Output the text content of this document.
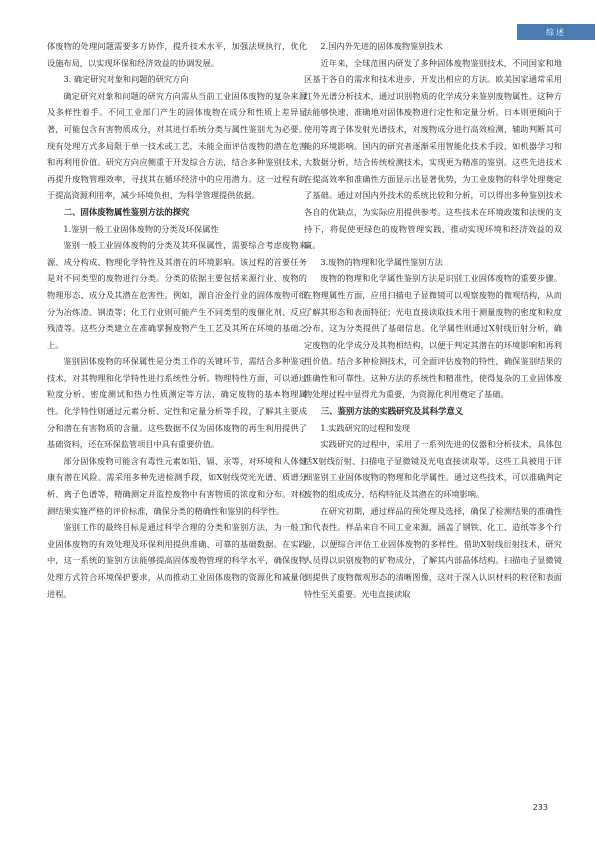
综述

体废物的处理问题需要多方协作，提升技术水平，加强法规执行，优化设施布局，以实现环保和经济效益的协调发展。

3. 确定研究对象和问题的研究方向

确定研究对象和问题的研究方向需从当前工业固体废物的复杂来源及多样性着手。不同工业部门产生的固体废物在成分和性质上差异显著，可能包含有害物质成分，对其进行系统分类与属性鉴别尤为必要。现有处理方式多局限于单一技术或工艺，未能全面评估废物的潜在危害和再利用价值。研究方向应侧重于开发综合方法，结合多种鉴别技术，再提升废物管理效率，寻找其在循环经济中的应用潜力。这一过程有助于提高资源利用率，减少环境负担，为科学管理提供依据。

二、固体废物属性鉴别方法的探究

1.鉴别一般工业固体废物的分类及环保属性

鉴别一般工业固体废物的分类及其环保属性，需要综合考虑废物来源、成分构成、物理化学特性及其潜在的环境影响。该过程的首要任务是对不同类型的废物进行分类。分类的依据主要包括来源行业、废物的物理形态、成分及其潜在危害性。例如，源自冶金行业的固体废物可细分为冶炼渣、钢渣等；化工行业则可能产生不同类型的废催化剂、反应残渣等。这些分类建立在准确掌握废物产生工艺及其所在环境的基础之上。

鉴别固体废物的环保属性是分类工作的关键环节，需结合多种鉴定技术，对其物理和化学特性进行系统性分析。物理特性方面，可以通过粒度分析、密度测试和热力性质测定等方法，确定废物的基本物理属性。化学特性则通过元素分析、定性和定量分析等手段，了解其主要成分和潜在有害物质的含量。这些数据不仅为固体废物的再生利用提供了基础资料，还在环保监管项目中具有重要价值。

部分固体废物可能含有毒性元素如铅、镉、汞等，对环境和人体健康有潜在风险。需采用多种先进检测手段，如X射线荧光光谱、质谱分析、离子色谱等，精确测定并监控废物中有害物质的浓度和分布。对检测结果实施严格的评价标准，确保分类的精确性和鉴别的科学性。

鉴别工作的最终目标是通过科学合理的分类和鉴别方法，为一般工业固体废物的有效处理及环保利用提供准确、可靠的基础数据。在实践中，这一系统的鉴别方法能够提高固体废物管理的科学水平，确保废物处理方式符合环境保护要求，从而推动工业固体废物的资源化和减量化进程。

2.国内外先进的固体废物鉴别技术

近年来，全球范围内研发了多种固体废物鉴别技术，不同国家和地区基于各自的需求和技术进步，开发出相应的方法。欧美国家通常采用红外光谱分析技术，通过识别物质的化学成分来鉴别废物属性。这种方法能够快速、准确地对固体废物进行定性和定量分析。日本则更倾向于使用等离子体发射光谱技术，对废物成分进行高效检测，辅助判断其可能的环境影响。国内的研究者逐渐采用智能化技术手段，如机器学习和大数据分析，结合传统检测技术，实现更为精准的鉴别。这些先进技术在提高效率和准确性方面显示出显著优势，为工业废物的科学处理奠定了基础。通过对国内外技术的系统比较和分析，可以得出多种鉴别技术各自的优缺点，为实际应用提供参考。这些技术在环境政策和法规的支持下，将促使更绿色的废物管理实践，推动实现环境和经济效益的双赢。

3.废物的物理和化学属性鉴别方法

废物的物理和化学属性鉴别方法是识别工业固体废物的重要步骤。在物理属性方面，应用扫描电子显微镜可以观察废物的微观结构，从而了解其形态和表面特征；光电直接读取技术用于测量废物的密度和粒度分布，这为分类提供了基础信息。化学属性则通过X射线衍射分析，确定废物的化学成分及其物相结构，以便于判定其潜在的环境影响和再利用价值。结合多种检测技术，可全面评估废物的特性，确保鉴别结果的准确性和可靠性。这种方法的系统性和精准性，使得复杂的工业固体废物处理过程中显得尤为重要，为资源化利用奠定了基础。

三、鉴别方法的实践研究及其科学意义

1.实践研究的过程和发现

实践研究的过程中，采用了一系列先进的仪器和分析技术，具体包括X射线衍射、扫描电子显微镜及光电直接读取等。这些工具被用于详细鉴别工业固体废物的物理和化学属性。通过这些技术，可以准确判定废物的组成成分、结构特征及其潜在的环境影响。

在研究初期，通过样品的预处理及选择，确保了检测结果的准确性和代表性。样品来自不同工业来源，涵盖了钢铁、化工、造纸等多个行业，以便综合评估工业固体废物的多样性。借助X射线衍射技术，研究人员得以识别废物的矿物成分，了解其内部晶体结构。扫描电子显微镜则提供了废物微观形态的清晰图像，这对于深入认识材料的粒径和表面特性至关重要。光电直接读取

233
